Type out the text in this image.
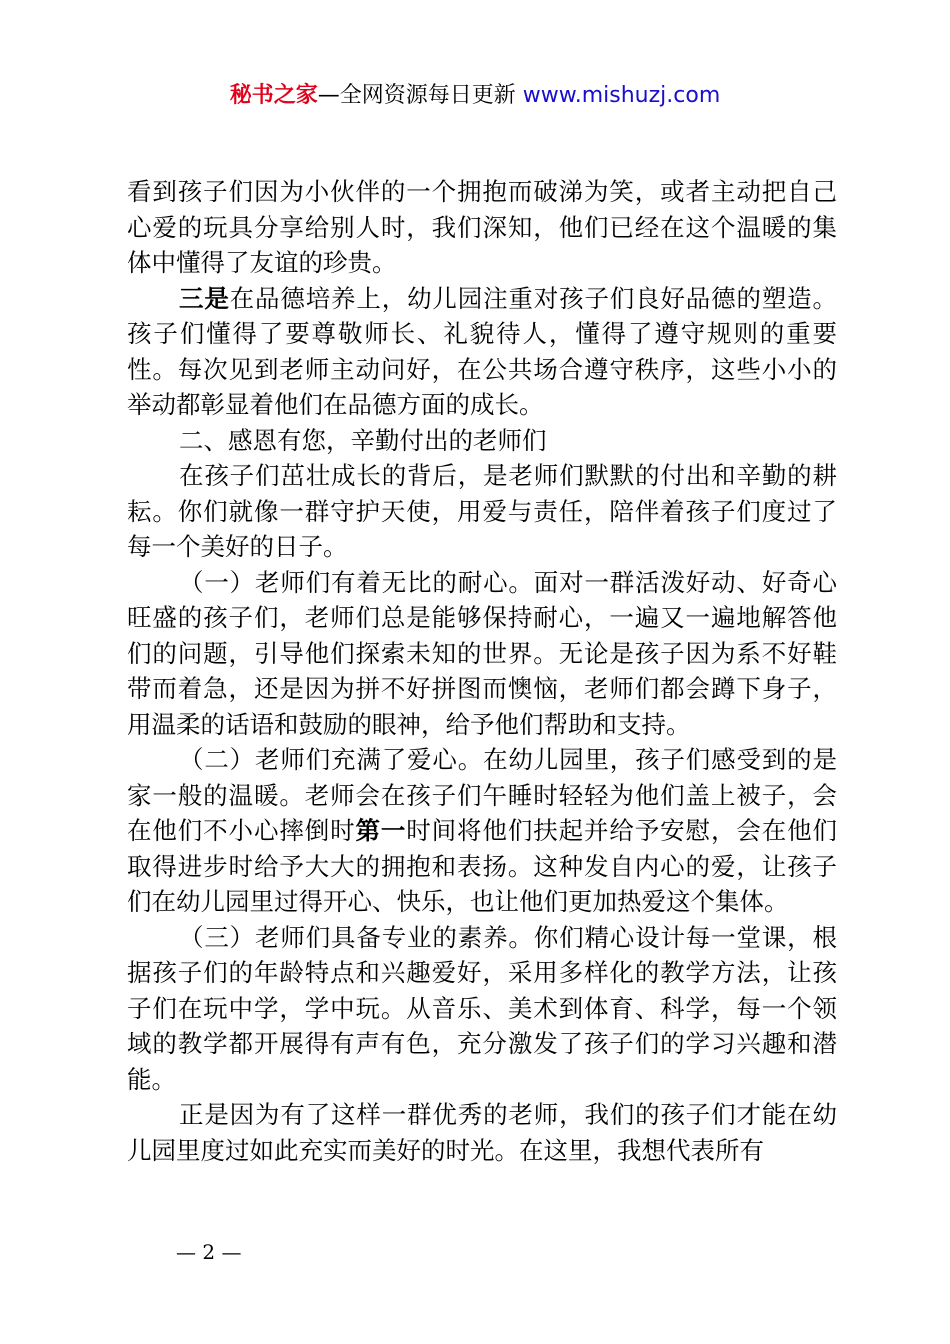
秘书之家—全网资源每日更新 www.mishuzj.com

看到孩子们因为小伙伴的一个拥抱而破涕为笑，或者主动把自己心爱的玩具分享给别人时，我们深知，他们已经在这个温暖的集体中懂得了友谊的珍贵。

三是在品德培养上，幼儿园注重对孩子们良好品德的塑造。孩子们懂得了要尊敬师长、礼貌待人，懂得了遵守规则的重要性。每次见到老师主动问好，在公共场合遵守秩序，这些小小的举动都彰显着他们在品德方面的成长。

二、感恩有您，辛勤付出的老师们

在孩子们茁壮成长的背后，是老师们默默的付出和辛勤的耕耘。你们就像一群守护天使，用爱与责任，陪伴着孩子们度过了每一个美好的日子。

（一）老师们有着无比的耐心。面对一群活泼好动、好奇心旺盛的孩子们，老师们总是能够保持耐心，一遍又一遍地解答他们的问题，引导他们探索未知的世界。无论是孩子因为系不好鞋带而着急，还是因为拼不好拼图而懊恼，老师们都会蹲下身子，用温柔的话语和鼓励的眼神，给予他们帮助和支持。

（二）老师们充满了爱心。在幼儿园里，孩子们感受到的是家一般的温暖。老师会在孩子们午睡时轻轻为他们盖上被子，会在他们不小心摔倒时第一时间将他们扶起并给予安慰，会在他们取得进步时给予大大的拥抱和表扬。这种发自内心的爱，让孩子们在幼儿园里过得开心、快乐，也让他们更加热爱这个集体。

（三）老师们具备专业的素养。你们精心设计每一堂课，根据孩子们的年龄特点和兴趣爱好，采用多样化的教学方法，让孩子们在玩中学，学中玩。从音乐、美术到体育、科学，每一个领域的教学都开展得有声有色，充分激发了孩子们的学习兴趣和潜能。

正是因为有了这样一群优秀的老师，我们的孩子们才能在幼儿园里度过如此充实而美好的时光。在这里，我想代表所有

— 2 —
